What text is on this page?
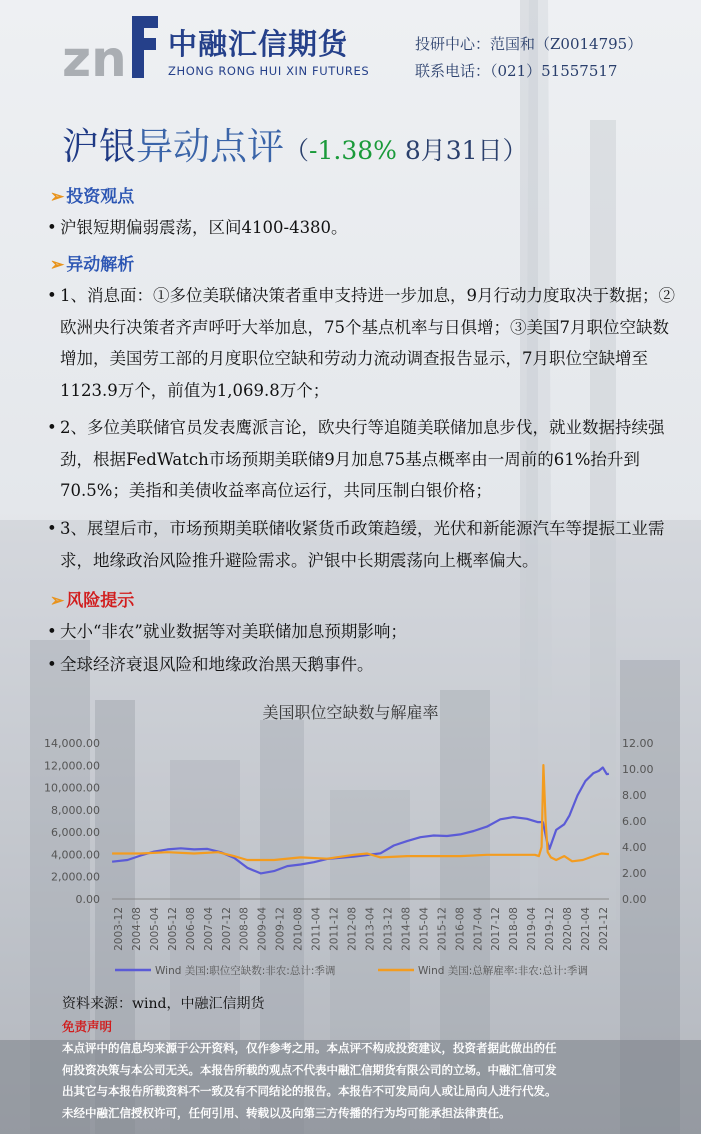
zn 中融汇信期货
ZHONG RONG HUI XIN FUTURES
投研中心：范国和（Z0014795）
联系电话：（021）51557517
沪银异动点评（-1.38% 8月31日）
➢ 投资观点
• 沪银短期偏弱震荡，区间4100-4380。
➢ 异动解析
• 1、消息面：①多位美联储决策者重申支持进一步加息，9月行动力度取决于数据；②欧洲央行决策者齐声呼吁大举加息，75个基点机率与日俱增；③美国7月职位空缺数增加，美国劳工部的月度职位空缺和劳动力流动调查报告显示，7月职位空缺增至1123.9万个，前值为1,069.8万个；
• 2、多位美联储官员发表鹰派言论，欧央行等追随美联储加息步伐，就业数据持续强劲，根据FedWatch市场预期美联储9月加息75基点概率由一周前的61%抬升到70.5%；美指和美债收益率高位运行，共同压制白银价格；
• 3、展望后市，市场预期美联储收紧货币政策趋缓，光伏和新能源汽车等提振工业需求，地缘政治风险推升避险需求。沪银中长期震荡向上概率偏大。
➢ 风险提示
• 大小“非农”就业数据等对美联储加息预期影响；
• 全球经济衰退风险和地缘政治黑天鹅事件。
美国职位空缺数与解雇率
14,000.00
12,000.00
10,000.00
8,000.00
6,000.00
4,000.00
2,000.00
0.00
12.00
10.00
8.00
6.00
4.00
2.00
0.00
2003-12 2004-08 2005-04 2005-12 2006-08 2007-04 2007-12 2008-08 2009-04 2009-12 2010-08 2011-04 2011-12 2012-08 2013-04 2013-12 2014-08 2015-04 2015-12 2016-08 2017-04 2017-12 2018-08 2019-04 2019-12 2020-08 2021-04 2021-12
Wind 美国:职位空缺数:非农:总计:季调	Wind 美国:总解雇率:非农:总计:季调
资料来源：wind，中融汇信期货
免责声明
本点评中的信息均来源于公开资料，仅作参考之用。本点评不构成投资建议，投资者据此做出的任
何投资决策与本公司无关。本报告所载的观点不代表中融汇信期货有限公司的立场。中融汇信可发
出其它与本报告所载资料不一致及有不同结论的报告。本报告不可发局向人或让局向人进行代发。
未经中融汇信授权许可，任何引用、转载以及向第三方传播的行为均可能承担法律责任。
